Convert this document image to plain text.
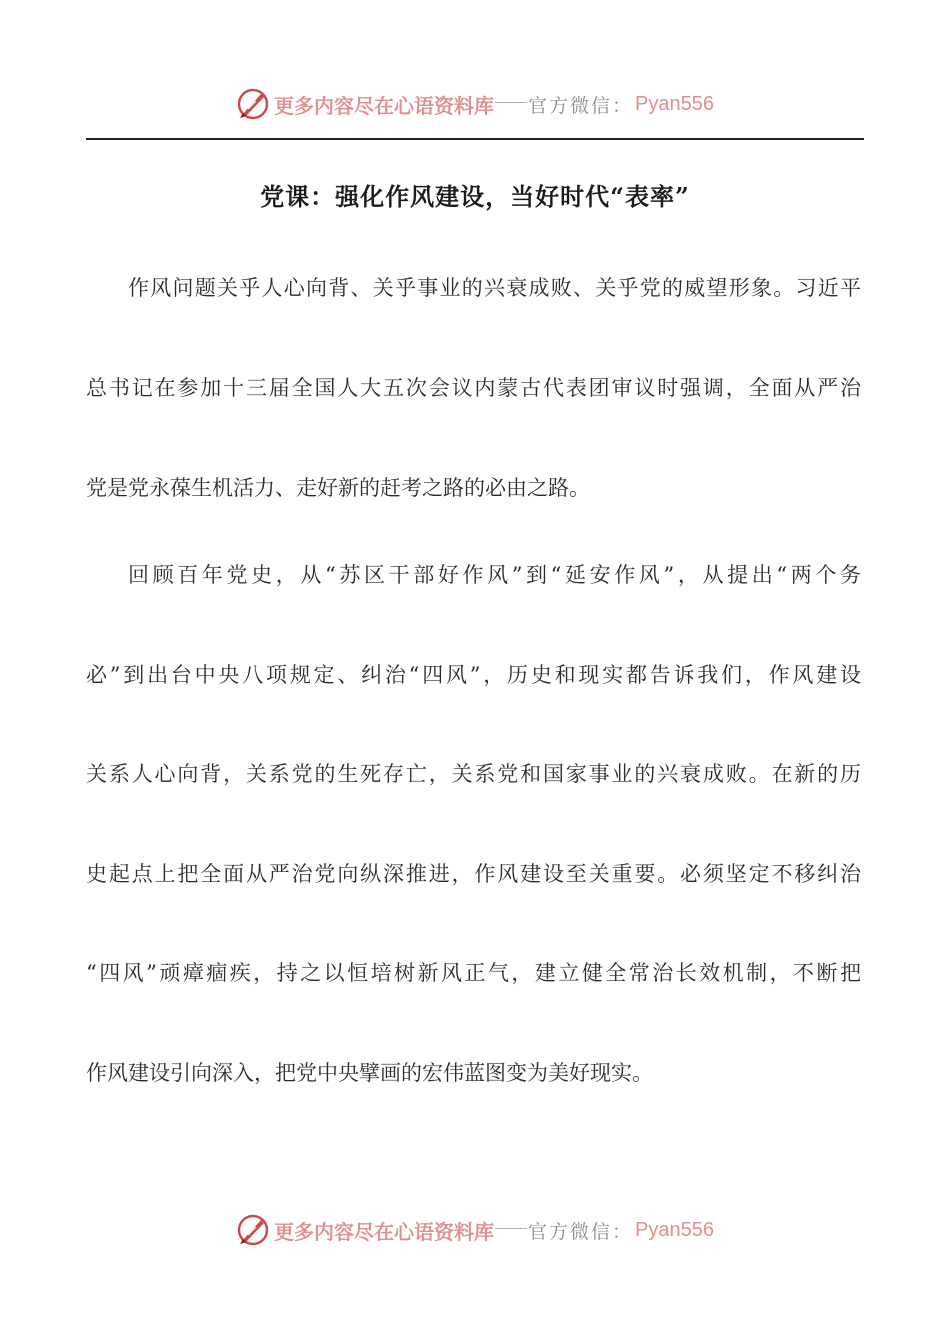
更多内容尽在心语资料库 官方微信： Pyan556
党课：强化作风建设，当好时代“表率”
作风问题关乎人心向背、关乎事业的兴衰成败、关乎党的威望形象。习近平
总书记在参加十三届全国人大五次会议内蒙古代表团审议时强调，全面从严治
党是党永葆生机活力、走好新的赶考之路的必由之路。
回顾百年党史，从“苏区干部好作风”到“延安作风”，从提出“两个务
必”到出台中央八项规定、纠治“四风”，历史和现实都告诉我们，作风建设
关系人心向背，关系党的生死存亡，关系党和国家事业的兴衰成败。在新的历
史起点上把全面从严治党向纵深推进，作风建设至关重要。必须坚定不移纠治
“四风”顽瘴痼疾，持之以恒培树新风正气，建立健全常治长效机制，不断把
作风建设引向深入，把党中央擘画的宏伟蓝图变为美好现实。
更多内容尽在心语资料库 官方微信： Pyan556
